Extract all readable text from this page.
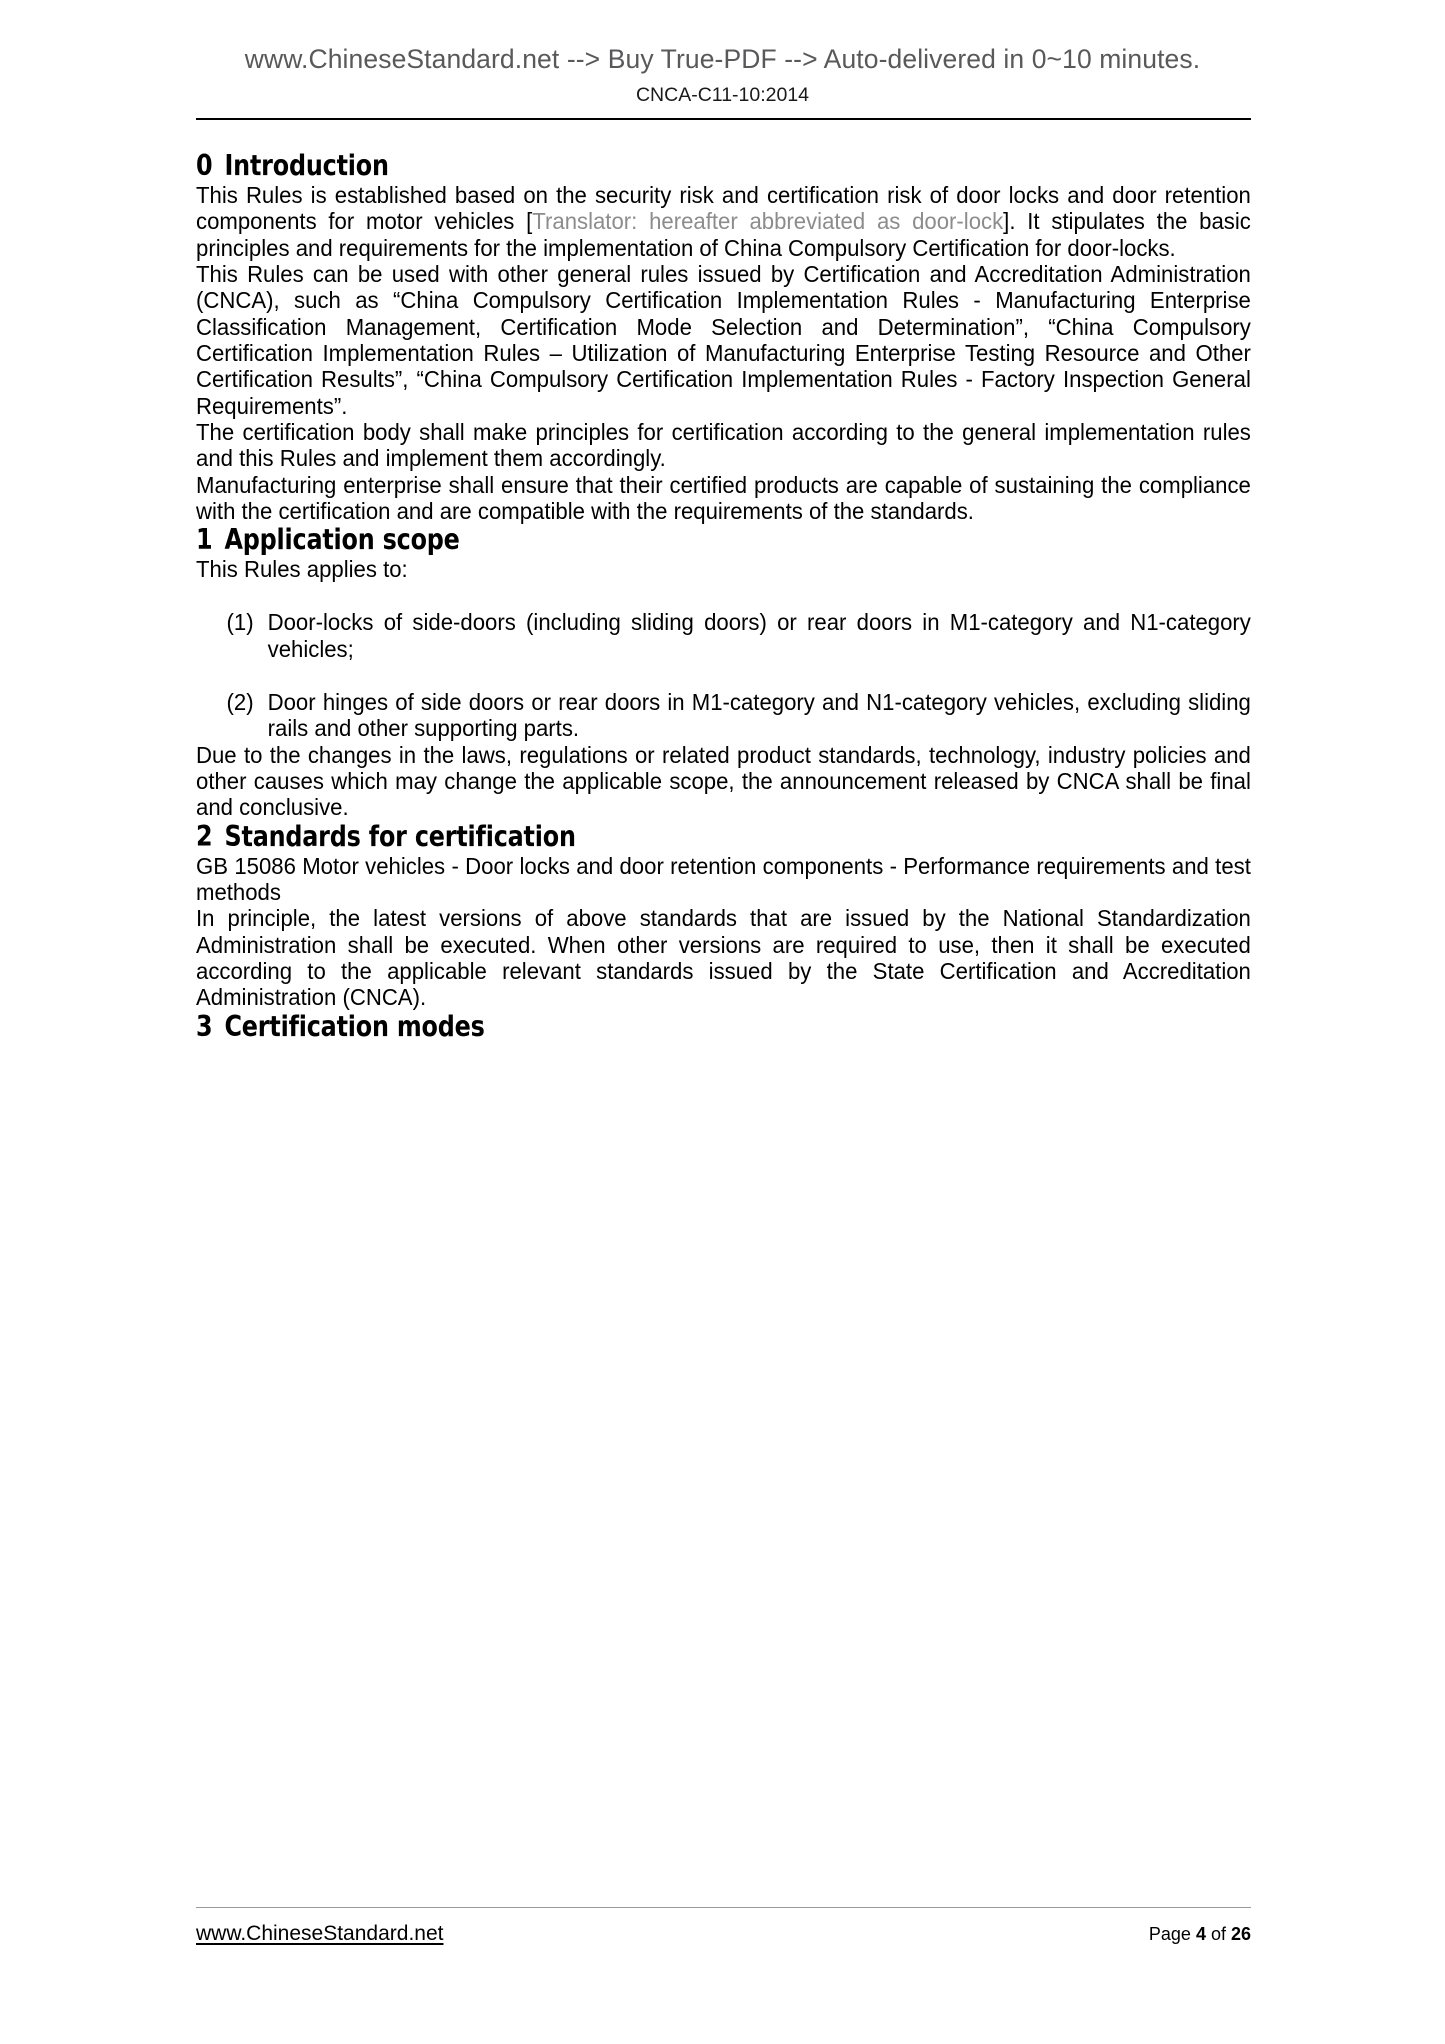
www.ChineseStandard.net --> Buy True-PDF --> Auto-delivered in 0~10 minutes.
CNCA-C11-10:2014
0 Introduction

This Rules is established based on the security risk and certification risk of door locks and door retention components for motor vehicles [Translator: hereafter abbreviated as door-lock]. It stipulates the basic principles and requirements for the implementation of China Compulsory Certification for door-locks.

This Rules can be used with other general rules issued by Certification and Accreditation Administration (CNCA), such as “China Compulsory Certification Implementation Rules - Manufacturing Enterprise Classification Management, Certification Mode Selection and Determination”, “China Compulsory Certification Implementation Rules – Utilization of Manufacturing Enterprise Testing Resource and Other Certification Results”, “China Compulsory Certification Implementation Rules - Factory Inspection General Requirements”.

The certification body shall make principles for certification according to the general implementation rules and this Rules and implement them accordingly.

Manufacturing enterprise shall ensure that their certified products are capable of sustaining the compliance with the certification and are compatible with the requirements of the standards.

1 Application scope

This Rules applies to:

(1) Door-locks of side-doors (including sliding doors) or rear doors in M1-category and N1-category vehicles;
(2) Door hinges of side doors or rear doors in M1-category and N1-category vehicles, excluding sliding rails and other supporting parts.

Due to the changes in the laws, regulations or related product standards, technology, industry policies and other causes which may change the applicable scope, the announcement released by CNCA shall be final and conclusive.

2 Standards for certification

GB 15086 Motor vehicles - Door locks and door retention components - Performance requirements and test methods

In principle, the latest versions of above standards that are issued by the National Standardization Administration shall be executed. When other versions are required to use, then it shall be executed according to the applicable relevant standards issued by the State Certification and Accreditation Administration (CNCA).

3 Certification modes
www.ChineseStandard.net	Page 4 of 26
